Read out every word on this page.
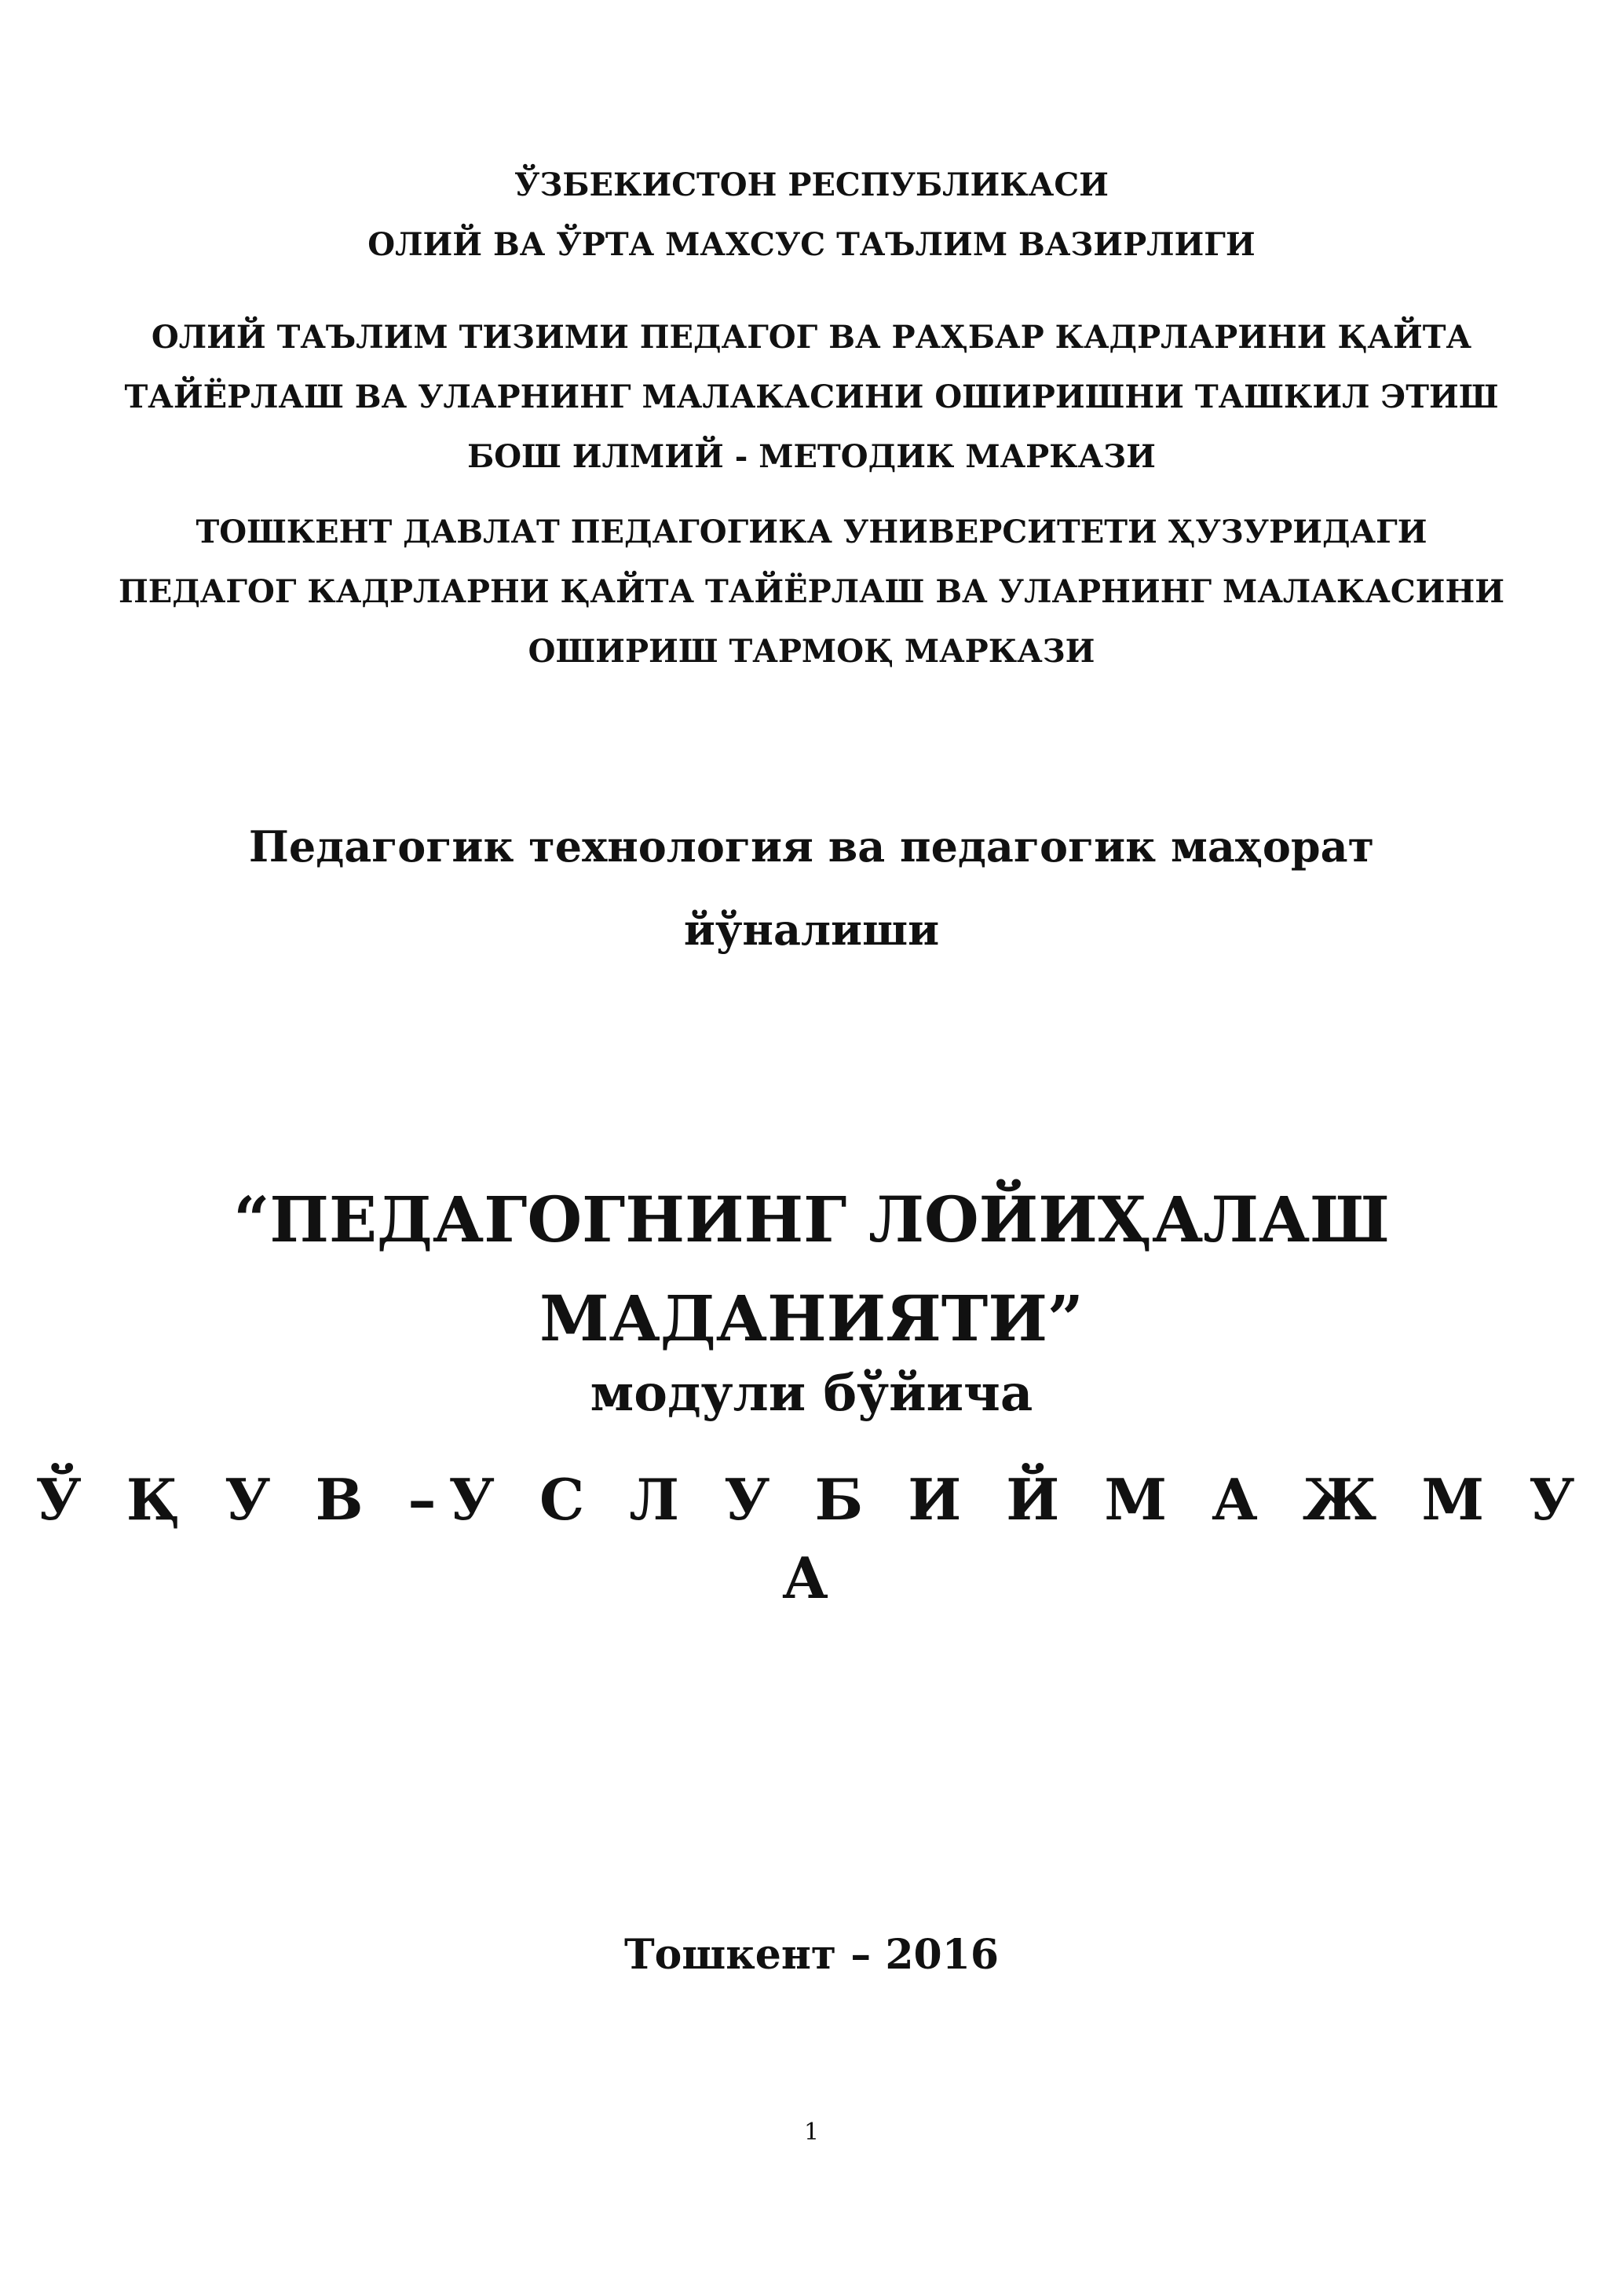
ЎЗБЕКИСТОН РЕСПУБЛИКАСИ
ОЛИЙ ВА ЎРТА МАХСУС ТАЪЛИМ ВАЗИРЛИГИ
ОЛИЙ ТАЪЛИМ ТИЗИМИ ПЕДАГОГ ВА РАҲБАР КАДРЛАРИНИ ҚАЙТА
ТАЙЁРЛАШ ВА УЛАРНИНГ МАЛАКАСИНИ ОШИРИШНИ ТАШКИЛ ЭТИШ
БОШ ИЛМИЙ - МЕТОДИК МАРКАЗИ
ТОШКЕНТ ДАВЛАТ ПЕДАГОГИКА УНИВЕРСИТЕТИ ҲУЗУРИДАГИ
ПЕДАГОГ КАДРЛАРНИ ҚАЙТА ТАЙЁРЛАШ ВА УЛАРНИНГ МАЛАКАСИНИ
ОШИРИШ ТАРМОҚ МАРКАЗИ
Педагогик технология ва педагогик маҳорат
йўналиши
“ПЕДАГОГНИНГ ЛОЙИҲАЛАШ
МАДАНИЯТИ”
модули бўйича
Ў Қ У В –У С Л У Б И Й М А Ж М У А
Тошкент – 2016
1
